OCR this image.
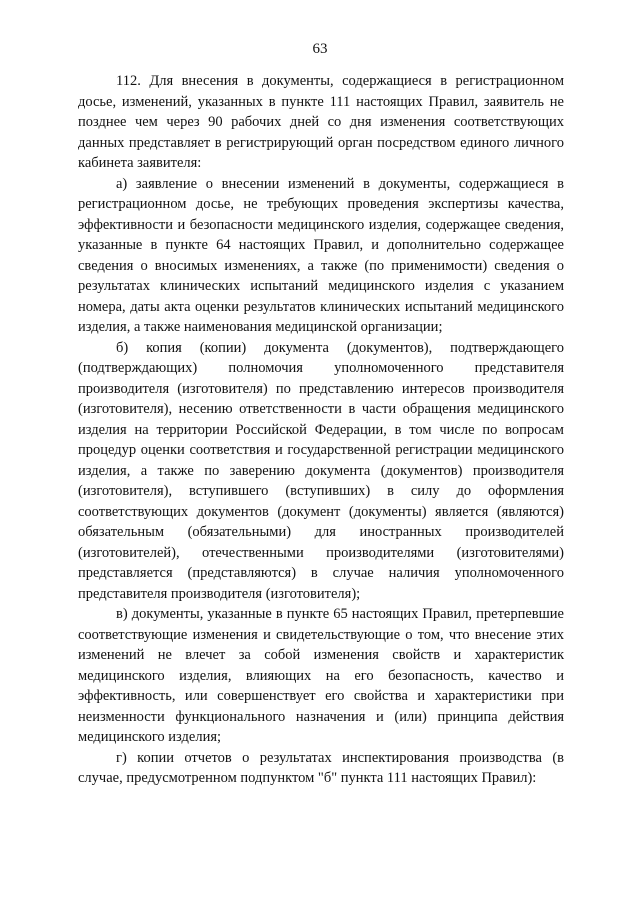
63

112. Для внесения в документы, содержащиеся в регистрационном досье, изменений, указанных в пункте 111 настоящих Правил, заявитель не позднее чем через 90 рабочих дней со дня изменения соответствующих данных представляет в регистрирующий орган посредством единого личного кабинета заявителя:

а) заявление о внесении изменений в документы, содержащиеся в регистрационном досье, не требующих проведения экспертизы качества, эффективности и безопасности медицинского изделия, содержащее сведения, указанные в пункте 64 настоящих Правил, и дополнительно содержащее сведения о вносимых изменениях, а также (по применимости) сведения о результатах клинических испытаний медицинского изделия с указанием номера, даты акта оценки результатов клинических испытаний медицинского изделия, а также наименования медицинской организации;

б) копия (копии) документа (документов), подтверждающего (подтверждающих) полномочия уполномоченного представителя производителя (изготовителя) по представлению интересов производителя (изготовителя), несению ответственности в части обращения медицинского изделия на территории Российской Федерации, в том числе по вопросам процедур оценки соответствия и государственной регистрации медицинского изделия, а также по заверению документа (документов) производителя (изготовителя), вступившего (вступивших) в силу до оформления соответствующих документов (документ (документы) является (являются) обязательным (обязательными) для иностранных производителей (изготовителей), отечественными производителями (изготовителями) представляется (представляются) в случае наличия уполномоченного представителя производителя (изготовителя);

в) документы, указанные в пункте 65 настоящих Правил, претерпевшие соответствующие изменения и свидетельствующие о том, что внесение этих изменений не влечет за собой изменения свойств и характеристик медицинского изделия, влияющих на его безопасность, качество и эффективность, или совершенствует его свойства и характеристики при неизменности функционального назначения и (или) принципа действия медицинского изделия;

г) копии отчетов о результатах инспектирования производства (в случае, предусмотренном подпунктом "б" пункта 111 настоящих Правил):
